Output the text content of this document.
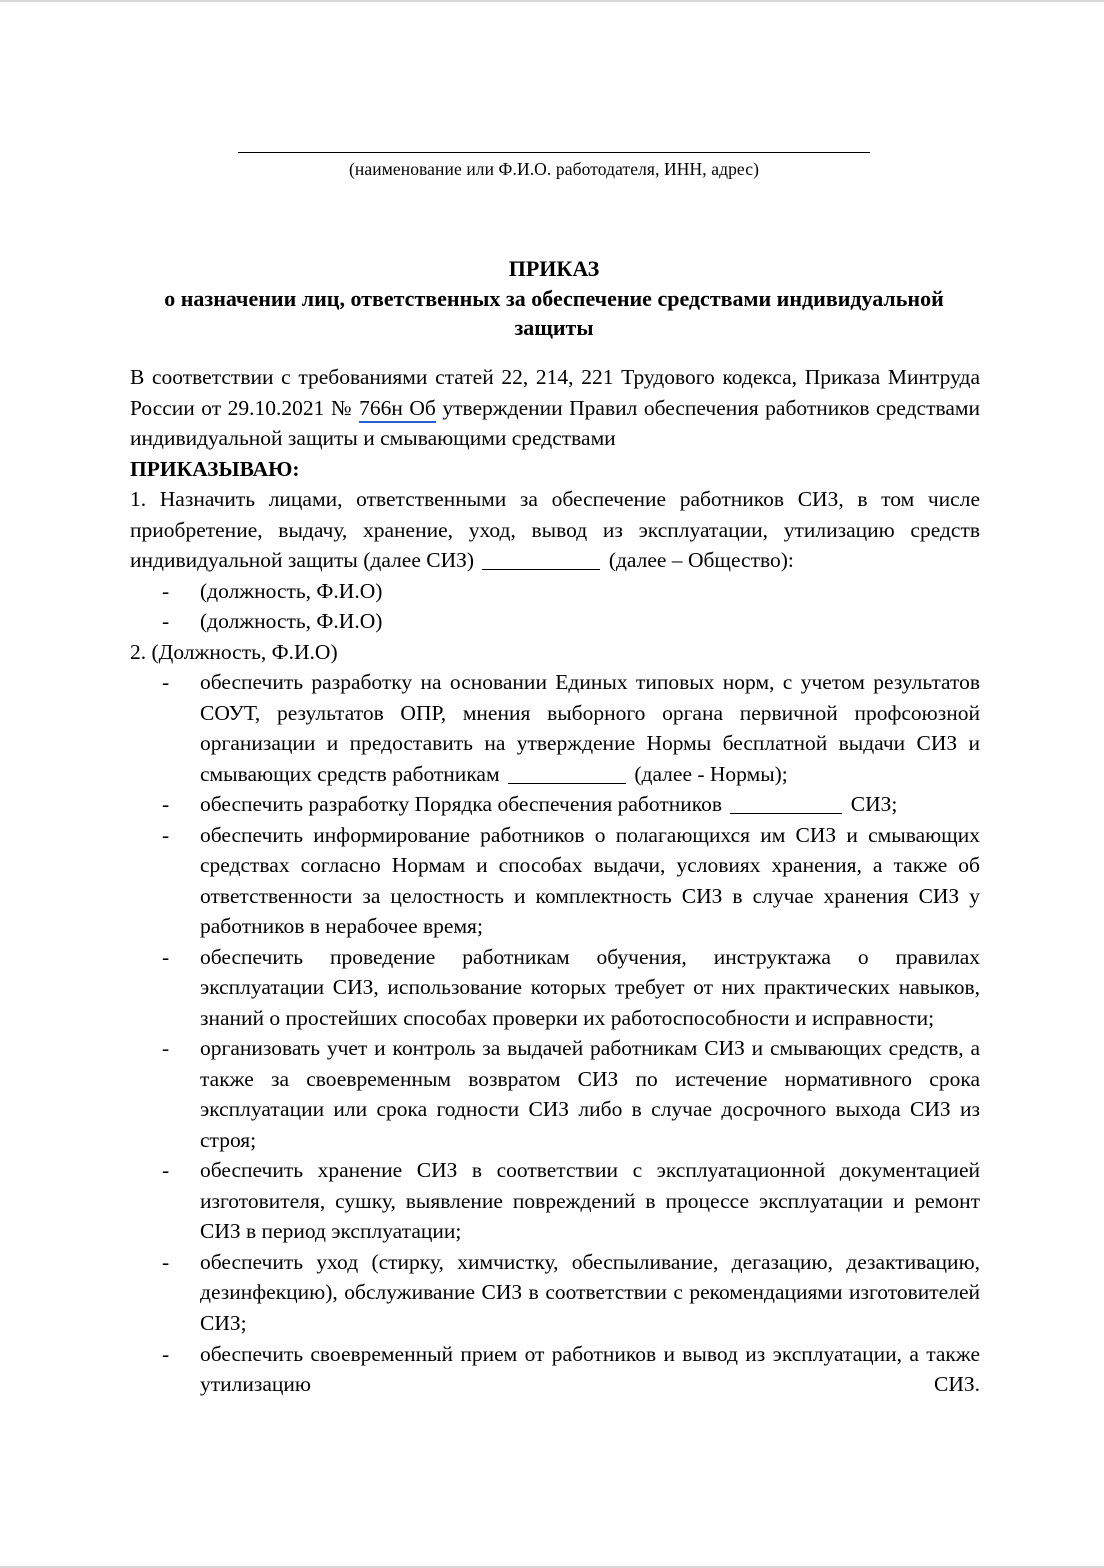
(наименование или Ф.И.О. работодателя, ИНН, адрес)
ПРИКАЗ
о назначении лиц, ответственных за обеспечение средствами индивидуальной защиты

В соответствии с требованиями статей 22, 214, 221 Трудового кодекса, Приказа Минтруда России от 29.10.2021 № 766н Об утверждении Правил обеспечения работников средствами индивидуальной защиты и смывающими средствами

ПРИКАЗЫВАЮ:

1. Назначить лицами, ответственными за обеспечение работников СИЗ, в том числе приобретение, выдачу, хранение, уход, вывод из эксплуатации, утилизацию средств индивидуальной защиты (далее СИЗ)	(далее – Общество):

- (должность, Ф.И.О)
- (должность, Ф.И.О)

2. (Должность, Ф.И.О)

- обеспечить разработку на основании Единых типовых норм, с учетом результатов СОУТ, результатов ОПР, мнения выборного органа первичной профсоюзной организации и предоставить на утверждение Нормы бесплатной выдачи СИЗ и смывающих средств работникам	(далее - Нормы);
- обеспечить разработку Порядка обеспечения работников	СИЗ;
- обеспечить информирование работников о полагающихся им СИЗ и смывающих средствах согласно Нормам и способах выдачи, условиях хранения, а также об ответственности за целостность и комплектность СИЗ в случае хранения СИЗ у работников в нерабочее время;
- обеспечить проведение работникам обучения, инструктажа о правилах эксплуатации СИЗ, использование которых требует от них практических навыков, знаний о простейших способах проверки их работоспособности и исправности;
- организовать учет и контроль за выдачей работникам СИЗ и смывающих средств, а также за своевременным возвратом СИЗ по истечение нормативного срока эксплуатации или срока годности СИЗ либо в случае досрочного выхода СИЗ из строя;
- обеспечить хранение СИЗ в соответствии с эксплуатационной документацией изготовителя, сушку, выявление повреждений в процессе эксплуатации и ремонт СИЗ в период эксплуатации;
- обеспечить уход (стирку, химчистку, обеспыливание, дегазацию, дезактивацию, дезинфекцию), обслуживание СИЗ в соответствии с рекомендациями изготовителей СИЗ;
- обеспечить своевременный прием от работников и вывод из эксплуатации, а также утилизацию СИЗ.
